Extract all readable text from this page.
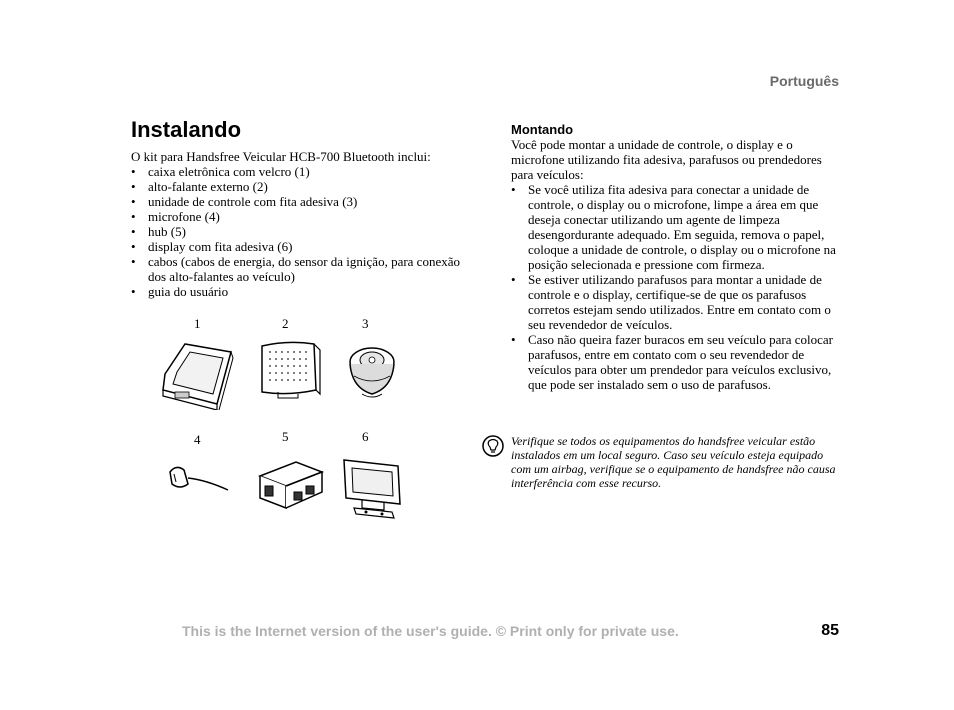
Português
Instalando
O kit para Handsfree Veicular HCB-700 Bluetooth inclui:
• caixa eletrônica com velcro (1)
• alto-falante externo (2)
• unidade de controle com fita adesiva (3)
• microfone (4)
• hub (5)
• display com fita adesiva (6)
• cabos (cabos de energia, do sensor da ignição, para conexão dos alto-falantes ao veículo)
• guia do usuário
1	2	3
4	5	6
Montando
Você pode montar a unidade de controle, o display e o microfone utilizando fita adesiva, parafusos ou prendedores para veículos:
• Se você utiliza fita adesiva para conectar a unidade de controle, o display ou o microfone, limpe a área em que deseja conectar utilizando um agente de limpeza desengordurante adequado. Em seguida, remova o papel, coloque a unidade de controle, o display ou o microfone na posição selecionada e pressione com firmeza.
• Se estiver utilizando parafusos para montar a unidade de controle e o display, certifique-se de que os parafusos corretos estejam sendo utilizados. Entre em contato com o seu revendedor de veículos.
• Caso não queira fazer buracos em seu veículo para colocar parafusos, entre em contato com o seu revendedor de veículos para obter um prendedor para veículos exclusivo, que pode ser instalado sem o uso de parafusos.
Verifique se todos os equipamentos do handsfree veicular estão instalados em um local seguro. Caso seu veículo esteja equipado com um airbag, verifique se o equipamento de handsfree não causa interferência com esse recurso.
This is the Internet version of the user's guide. © Print only for private use.	85
